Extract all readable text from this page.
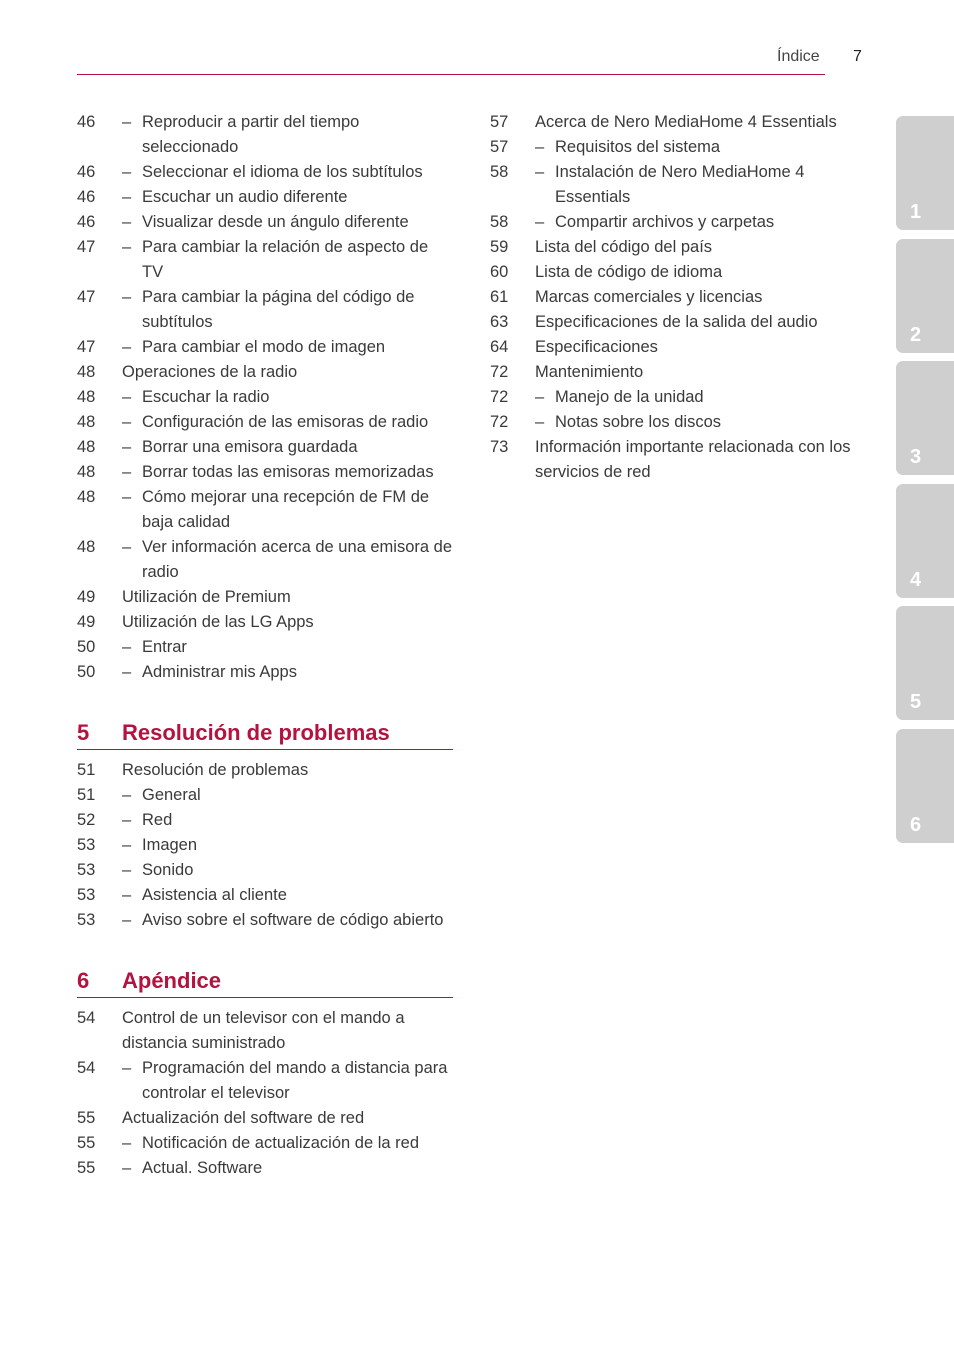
Índice 7
46	– Reproducir a partir del tiempo seleccionado
46	– Seleccionar el idioma de los subtítulos
46	– Escuchar un audio diferente
46	– Visualizar desde un ángulo diferente
47	– Para cambiar la relación de aspecto de TV
47	– Para cambiar la página del código de subtítulos
47	– Para cambiar el modo de imagen
48	Operaciones de la radio
48	– Escuchar la radio
48	– Configuración de las emisoras de radio
48	– Borrar una emisora guardada
48	– Borrar todas las emisoras memorizadas
48	– Cómo mejorar una recepción de FM de baja calidad
48	– Ver información acerca de una emisora de radio
49	Utilización de Premium
49	Utilización de las LG Apps
50	– Entrar
50	– Administrar mis Apps
5	Resolución de problemas
51	Resolución de problemas
51	– General
52	– Red
53	– Imagen
53	– Sonido
53	– Asistencia al cliente
53	– Aviso sobre el software de código abierto
6	Apéndice
54	Control de un televisor con el mando a distancia suministrado
54	– Programación del mando a distancia para controlar el televisor
55	Actualización del software de red
55	– Notificación de actualización de la red
55	– Actual. Software
57	Acerca de Nero MediaHome 4 Essentials
57	– Requisitos del sistema
58	– Instalación de Nero MediaHome 4 Essentials
58	– Compartir archivos y carpetas
59	Lista del código del país
60	Lista de código de idioma
61	Marcas comerciales y licencias
63	Especificaciones de la salida del audio
64	Especificaciones
72	Mantenimiento
72	– Manejo de la unidad
72	– Notas sobre los discos
73	Información importante relacionada con los servicios de red
1
2
3
4
5
6
